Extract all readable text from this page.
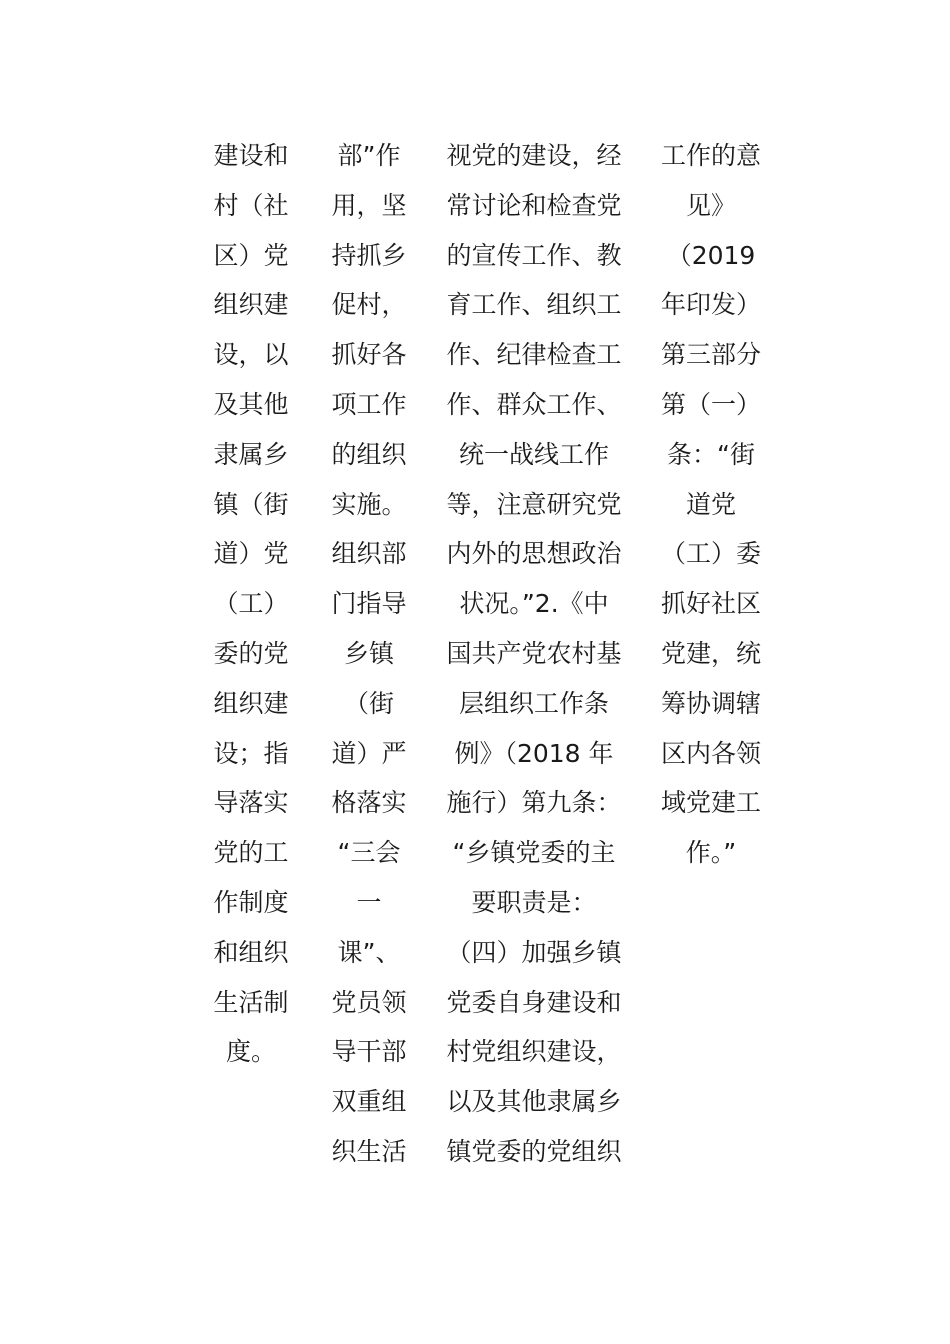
建设和
村（社
区）党
组织建
设，以
及其他
隶属乡
镇（街
道）党
（工）
委的党
组织建
设；指
导落实
党的工
作制度
和组织
生活制
度。
部”作
用，坚
持抓乡
促村，
抓好各
项工作
的组织
实施。
组织部
门指导
乡镇
（街
道）严
格落实
“三会
一
课”、
党员领
导干部
双重组
织生活
视党的建设，经
常讨论和检查党
的宣传工作、教
育工作、组织工
作、纪律检查工
作、群众工作、
统一战线工作
等，注意研究党
内外的思想政治
状况。”2.《中
国共产党农村基
层组织工作条
例》（2018 年
施行）第九条：
“乡镇党委的主
要职责是：
（四）加强乡镇
党委自身建设和
村党组织建设，
以及其他隶属乡
镇党委的党组织
工作的意
见》
（2019
年印发）
第三部分
第（一）
条：“街
道党
（工）委
抓好社区
党建，统
筹协调辖
区内各领
域党建工
作。”
